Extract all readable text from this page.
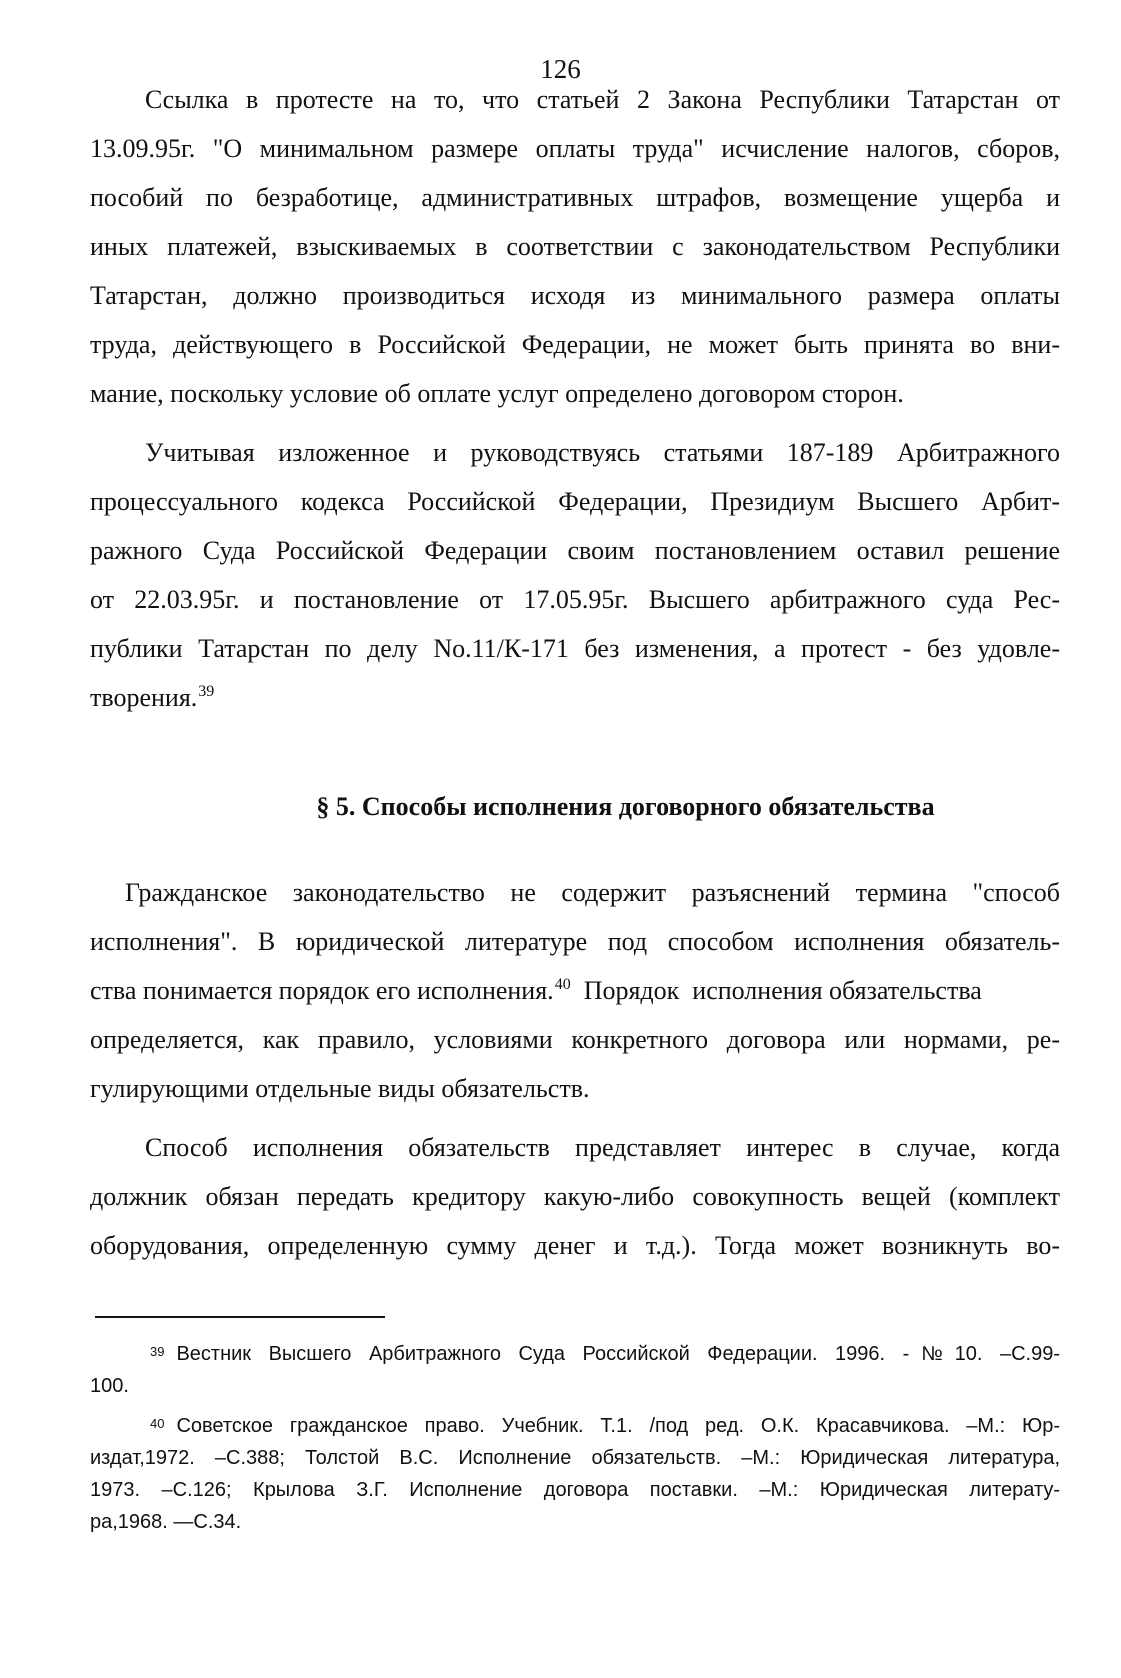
126
Ссылка в протесте на то, что статьей 2 Закона Республики Татарстан от
13.09.95г. "О минимальном размере оплаты труда" исчисление налогов, сборов,
пособий по безработице, административных штрафов, возмещение ущерба и
иных платежей, взыскиваемых в соответствии с законодательством Республики
Татарстан, должно производиться исходя из минимального размера оплаты
труда, действующего в Российской Федерации, не может быть принята во вни-
мание, поскольку условие об оплате услуг определено договором сторон.
Учитывая изложенное и руководствуясь статьями 187-189 Арбитражного
процессуального кодекса Российской Федерации, Президиум Высшего Арбит-
ражного Суда Российской Федерации своим постановлением оставил решение
от 22.03.95г. и постановление от 17.05.95г. Высшего арбитражного суда Рес-
публики Татарстан по делу No.11/К-171 без изменения, а протест - без удовле-
творения.$^{39}$
§ 5. Способы исполнения договорного обязательства
Гражданское законодательство не содержит разъяснений термина "способ
исполнения". В юридической литературе под способом исполнения обязатель-
ства понимается порядок его исполнения.$^{40}$  Порядок  исполнения обязательства
определяется, как правило, условиями конкретного договора или нормами, ре-
гулирующими отдельные виды обязательств.
Способ исполнения обязательств представляет интерес в случае, когда
должник обязан передать кредитору какую-либо совокупность вещей (комплект
оборудования, определенную сумму денег и т.д.). Тогда может возникнуть во-
$^{39}$ Вестник Высшего Арбитражного Суда Российской Федерации. 1996. -№10. –С.99-
100.
$^{40}$ Советское гражданское право. Учебник. Т.1. /под ред. О.К. Красавчикова. –М.: Юр-
издат,1972. –С.388; Толстой В.С. Исполнение обязательств. –М.: Юридическая литература,
1973. –С.126; Крылова З.Г. Исполнение договора поставки. –М.: Юридическая литерату-
ра,1968. —С.34.
